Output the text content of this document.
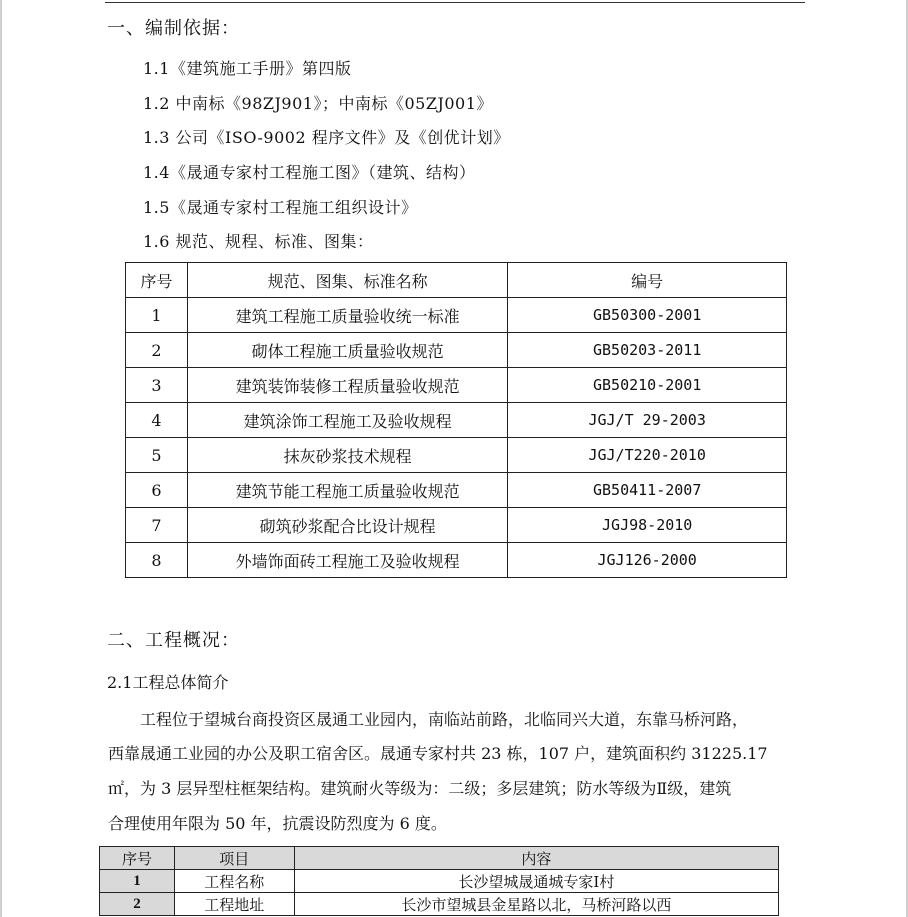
一、编制依据：
1.1《建筑施工手册》第四版
1.2 中南标《98ZJ901》；中南标《05ZJ001》
1.3 公司《ISO-9002 程序文件》及《创优计划》
1.4《晟通专家村工程施工图》（建筑、结构）
1.5《晟通专家村工程施工组织设计》
1.6 规范、规程、标准、图集：
序号	规范、图集、标准名称	编号
1	建筑工程施工质量验收统一标准	GB50300-2001
2	砌体工程施工质量验收规范	GB50203-2011
3	建筑装饰装修工程质量验收规范	GB50210-2001
4	建筑涂饰工程施工及验收规程	JGJ/T 29-2003
5	抹灰砂浆技术规程	JGJ/T220-2010
6	建筑节能工程施工质量验收规范	GB50411-2007
7	砌筑砂浆配合比设计规程	JGJ98-2010
8	外墙饰面砖工程施工及验收规程	JGJ126-2000
二、工程概况：
2.1工程总体简介
　　工程位于望城台商投资区晟通工业园内，南临站前路，北临同兴大道，东靠马桥河路，
西靠晟通工业园的办公及职工宿舍区。晟通专家村共 23 栋，107 户，建筑面积约 31225.17
㎡，为 3 层异型柱框架结构。建筑耐火等级为：二级；多层建筑；防水等级为Ⅱ级，建筑
合理使用年限为 50 年，抗震设防烈度为 6 度。
序号	项目	内容
1	工程名称	长沙望城晟通城专家Ⅰ村
2	工程地址	长沙市望城县金星路以北，马桥河路以西
